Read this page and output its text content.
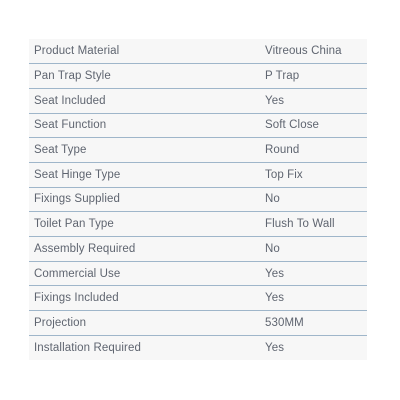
Product Material	Vitreous China
Pan Trap Style	P Trap
Seat Included	Yes
Seat Function	Soft Close
Seat Type	Round
Seat Hinge Type	Top Fix
Fixings Supplied	No
Toilet Pan Type	Flush To Wall
Assembly Required	No
Commercial Use	Yes
Fixings Included	Yes
Projection	530MM
Installation Required	Yes
